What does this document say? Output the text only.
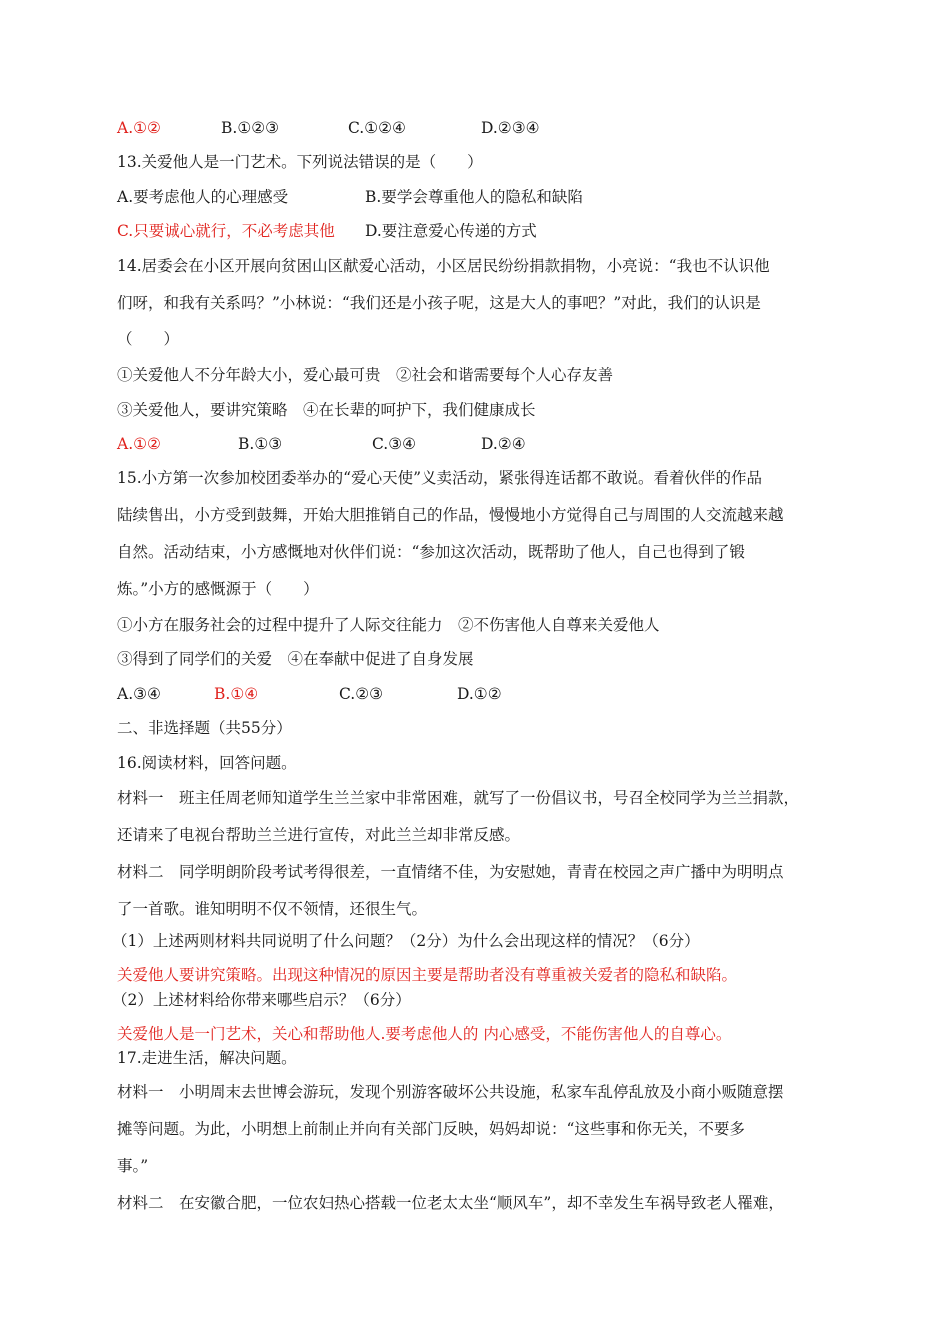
A.①②	B.①②③	C.①②④	D.②③④
13.关爱他人是一门艺术。下列说法错误的是（　　）
A.要考虑他人的心理感受	B.要学会尊重他人的隐私和缺陷
C.只要诚心就行，不必考虑其他 D.要注意爱心传递的方式
14.居委会在小区开展向贫困山区献爱心活动，小区居民纷纷捐款捐物，小亮说：“我也不认识他
们呀，和我有关系吗？”小林说：“我们还是小孩子呢，这是大人的事吧？”对此，我们的认识是
（　　）
①关爱他人不分年龄大小，爱心最可贵　②社会和谐需要每个人心存友善
③关爱他人，要讲究策略　④在长辈的呵护下，我们健康成长
A.①②	B.①③	C.③④	D.②④
15.小方第一次参加校团委举办的“爱心天使”义卖活动，紧张得连话都不敢说。看着伙伴的作品
陆续售出，小方受到鼓舞，开始大胆推销自己的作品，慢慢地小方觉得自己与周围的人交流越来越
自然。活动结束，小方感慨地对伙伴们说：“参加这次活动，既帮助了他人，自己也得到了锻
炼。”小方的感慨源于（　　）
①小方在服务社会的过程中提升了人际交往能力　②不伤害他人自尊来关爱他人
③得到了同学们的关爱　④在奉献中促进了自身发展
A.③④	B.①④	C.②③	D.①②
二、非选择题（共55分）
16.阅读材料，回答问题。
材料一　班主任周老师知道学生兰兰家中非常困难，就写了一份倡议书，号召全校同学为兰兰捐款，
还请来了电视台帮助兰兰进行宣传，对此兰兰却非常反感。
材料二　同学明朗阶段考试考得很差，一直情绪不佳，为安慰她，青青在校园之声广播中为明明点
了一首歌。谁知明明不仅不领情，还很生气。
（1）上述两则材料共同说明了什么问题？（2分）为什么会出现这样的情况？（6分）
关爱他人要讲究策略。出现这种情况的原因主要是帮助者没有尊重被关爱者的隐私和缺陷。
（2）上述材料给你带来哪些启示？（6分）
关爱他人是一门艺术，关心和帮助他人.要考虑他人的 内心感受，不能伤害他人的自尊心。
17.走进生活，解决问题。
材料一　小明周末去世博会游玩，发现个别游客破坏公共设施，私家车乱停乱放及小商小贩随意摆
摊等问题。为此，小明想上前制止并向有关部门反映，妈妈却说：“这些事和你无关，不要多
事。”
材料二　在安徽合肥，一位农妇热心搭载一位老太太坐“顺风车”，却不幸发生车祸导致老人罹难，
